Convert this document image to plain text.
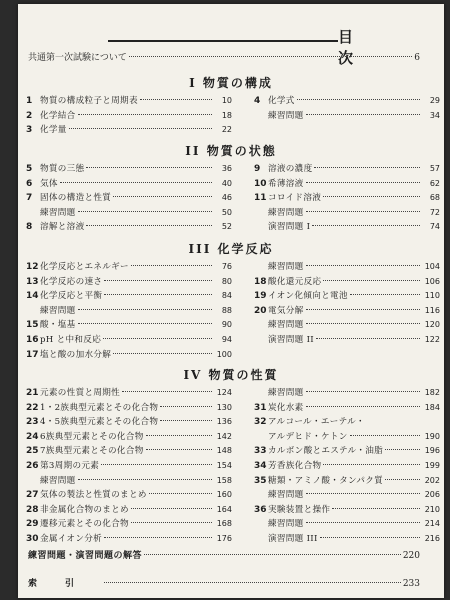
目次
共通第一次試験について	6
I 物質の構成
1 物質の構成粒子と周期表	10
2 化学結合	18
3 化学量	22
4 化学式	29
練習問題	34
II 物質の状態
5 物質の三態	36
6 気体	40
7 固体の構造と性質	46
練習問題	50
8 溶解と溶液	52
9 溶液の濃度	57
10 希薄溶液	62
11 コロイド溶液	68
練習問題	72
演習問題 I	74
III 化学反応
12 化学反応とエネルギー	76
13 化学反応の速さ	80
14 化学反応と平衡	84
練習問題	88
15 酸・塩基	90
16 pH と中和反応	94
17 塩と酸の加水分解	100
練習問題	104
18 酸化還元反応	106
19 イオン化傾向と電池	110
20 電気分解	116
練習問題	120
演習問題 II	122
IV 物質の性質
21 元素の性質と周期性	124
22 1・2族典型元素とその化合物	130
23 4・5族典型元素とその化合物	136
24 6族典型元素とその化合物	142
25 7族典型元素とその化合物	148
26 第3周期の元素	154
練習問題	158
27 気体の製法と性質のまとめ	160
28 非金属化合物のまとめ	164
29 遷移元素とその化合物	168
30 金属イオン分析	176
練習問題	182
31 炭化水素	184
32 アルコール・エーテル・
アルデヒド・ケトン	190
33 カルボン酸とエステル・油脂	196
34 芳香族化合物	199
35 糖類・アミノ酸・タンパク質	202
練習問題	206
36 実験装置と操作	210
練習問題	214
演習問題 III	216
練習問題・演習問題の解答	220
索引	233
